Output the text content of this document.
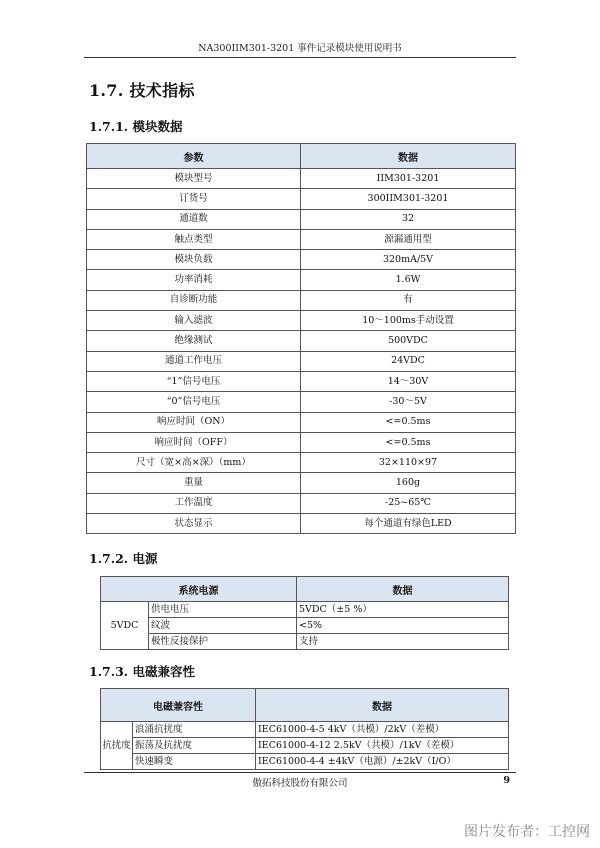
NA300IIM301-3201 事件记录模块使用说明书
1.7. 技术指标
1.7.1. 模块数据
参数	数据
模块型号	IIM301-3201
订货号	300IIM301-3201
通道数	32
触点类型	源漏通用型
模块负载	320mA/5V
功率消耗	1.6W
自诊断功能	有
输入滤波	10～100ms手动设置
绝缘测试	500VDC
通道工作电压	24VDC
“1”信号电压	14～30V
“0”信号电压	-30～5V
响应时间（ON）	<=0.5ms
响应时间（OFF）	<=0.5ms
尺寸（宽×高×深）（mm）	32×110×97
重量	160g
工作温度	-25~65℃
状态显示	每个通道有绿色LED
1.7.2. 电源
系统电源		数据
5VDC	供电电压	5VDC（±5 %）
	纹波	<5%
	极性反接保护	支持
1.7.3. 电磁兼容性
电磁兼容性		数据
抗扰度	浪涌抗扰度	IEC61000-4-5 4kV（共模）/2kV（差模）
	振荡及抗扰度	IEC61000-4-12 2.5kV（共模）/1kV（差模）
	快速瞬变	IEC61000-4-4 ±4kV（电源）/±2kV（I/O）
傲拓科技股份有限公司	9
图片发布者：工控网
